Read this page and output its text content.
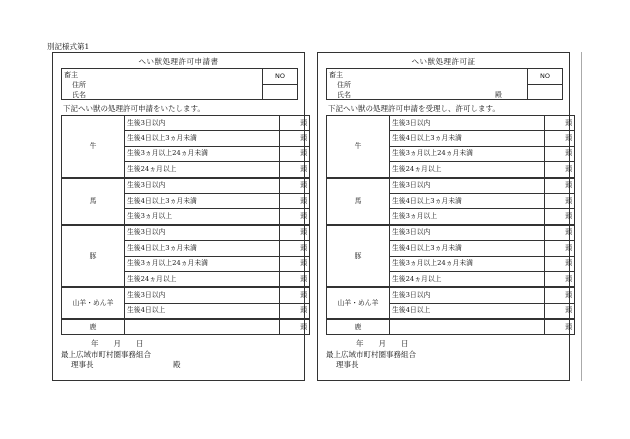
別記様式第1
へい獣処理許可申請書
畜主
住所
氏名
NO
下記へい獣の処理許可申請をいたします。
牛	生後3日以内	頭
	生後4日以上3ヵ月未満	頭
	生後3ヵ月以上24ヵ月未満	頭
	生後24ヵ月以上	頭
馬	生後3日以内	頭
	生後4日以上3ヵ月未満	頭
	生後3ヵ月以上	頭
豚	生後3日以内	頭
	生後4日以上3ヵ月未満	頭
	生後3ヵ月以上24ヵ月未満	頭
	生後24ヵ月以上	頭
山羊・めん羊	生後3日以内	頭
	生後4日以上	頭
鹿		頭
年　　月　　日
最上広域市町村圏事務組合
理事長	殿
へい獣処理許可証
畜主
住所
氏名	殿
NO
下記へい獣の処理許可申請を受理し、許可します。
牛	生後3日以内	頭
	生後4日以上3ヵ月未満	頭
	生後3ヵ月以上24ヵ月未満	頭
	生後24ヵ月以上	頭
馬	生後3日以内	頭
	生後4日以上3ヵ月未満	頭
	生後3ヵ月以上	頭
豚	生後3日以内	頭
	生後4日以上3ヵ月未満	頭
	生後3ヵ月以上24ヵ月未満	頭
	生後24ヵ月以上	頭
山羊・めん羊	生後3日以内	頭
	生後4日以上	頭
鹿		頭
年　　月　　日
最上広域市町村圏事務組合
理事長
